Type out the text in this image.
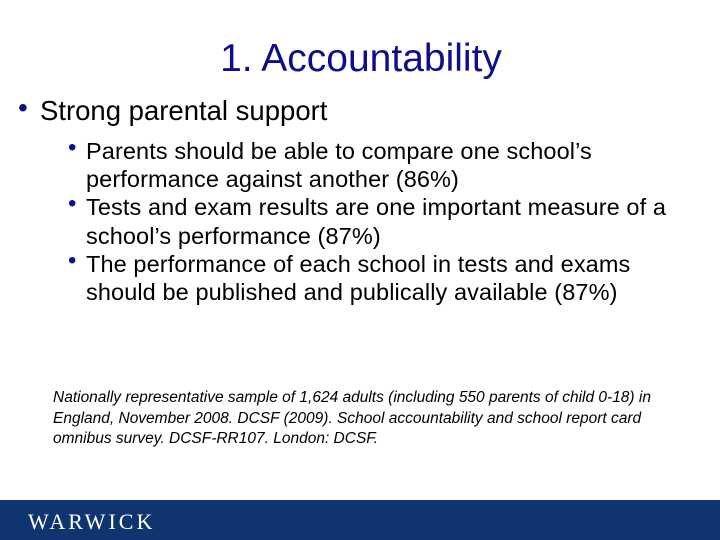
1. Accountability
• Strong parental support
• Parents should be able to compare one school’s performance against another (86%)
• Tests and exam results are one important measure of a school’s performance (87%)
• The performance of each school in tests and exams should be published and publically available (87%)
Nationally representative sample of 1,624 adults (including 550 parents of child 0-18) in England, November 2008. DCSF (2009). School accountability and school report card omnibus survey. DCSF-RR107. London: DCSF.
WARWICK
